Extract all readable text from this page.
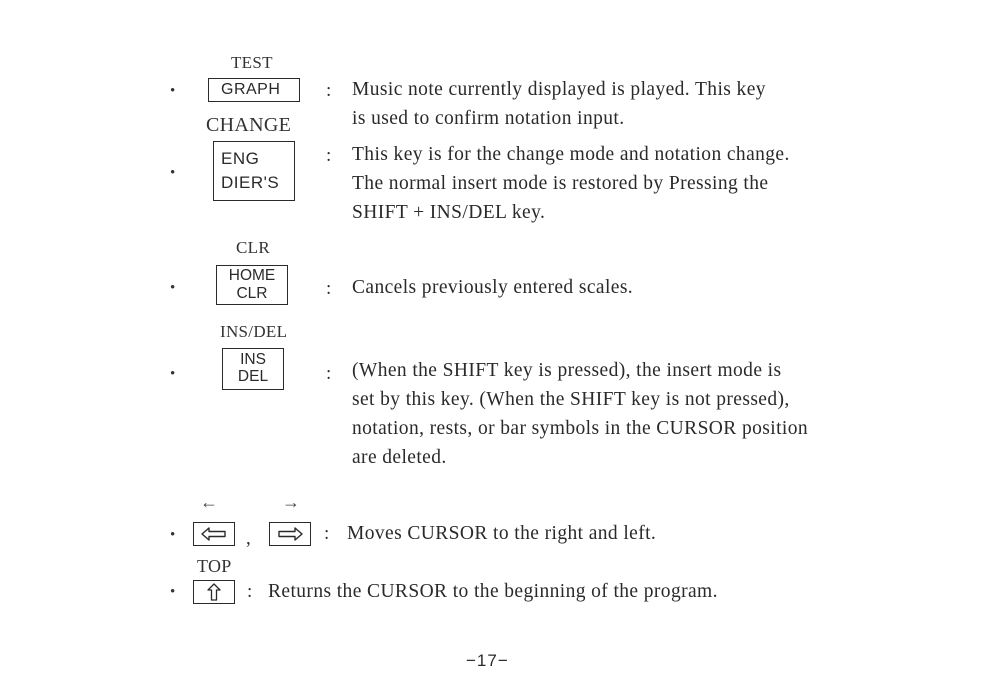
•
TEST
GRAPH	: Music note currently displayed is played. This key
is used to confirm notation input.
CHANGE
•
ENG
DIER'S
: This key is for the change mode and notation change.
The normal insert mode is restored by Pressing the
SHIFT + INS/DEL key.
CLR
•
HOME
CLR	: Cancels previously entered scales.
INS/DEL
•
INS
DEL	: (When the SHIFT key is pressed), the insert mode is
set by this key. (When the SHIFT key is not pressed),
notation, rests, or bar symbols in the CURSOR position
are deleted.
←	→
•	,	: Moves CURSOR to the right and left.
TOP
•	: Returns the CURSOR to the beginning of the program.
−17−
